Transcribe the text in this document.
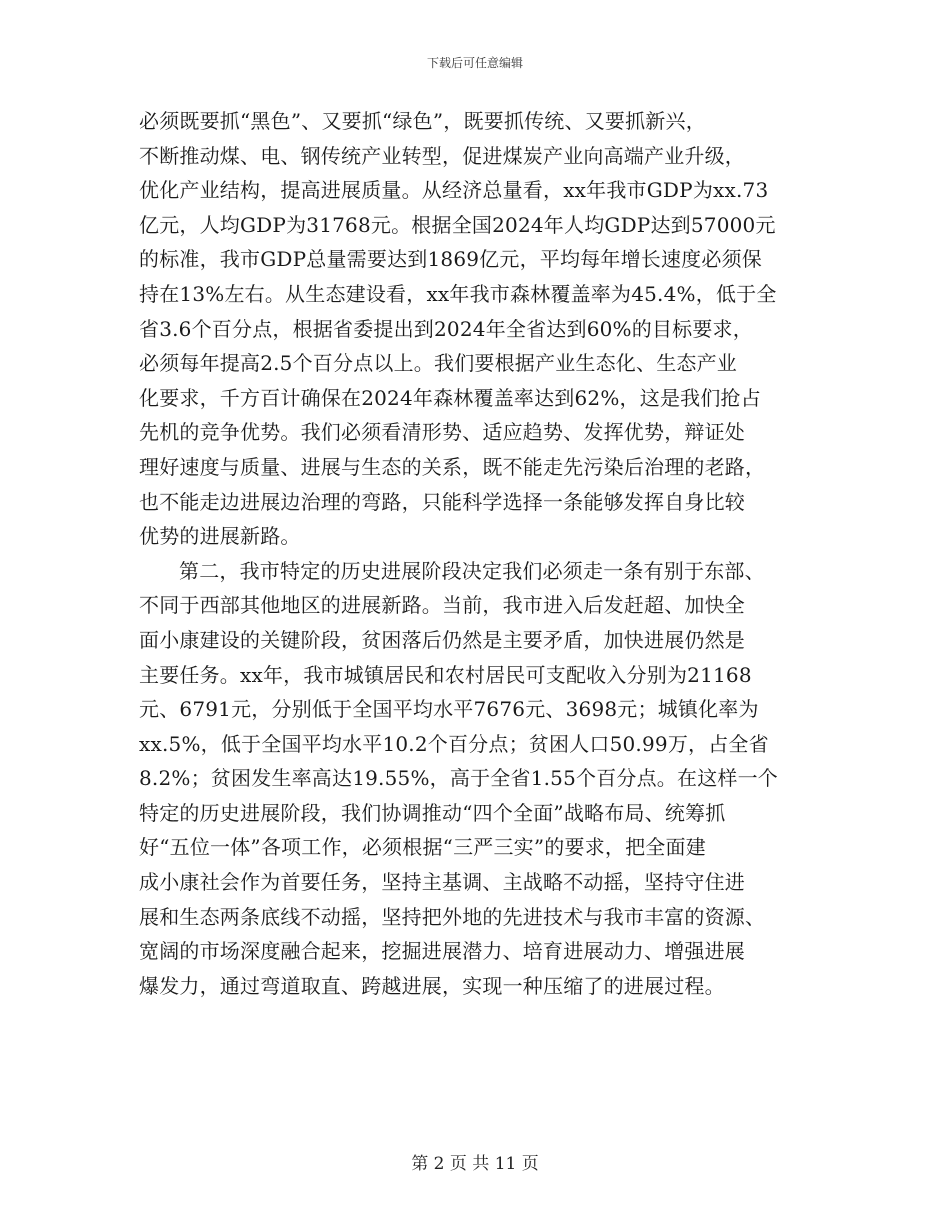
下载后可任意编辑
必须既要抓“黑色”、又要抓“绿色”，既要抓传统、又要抓新兴，
不断推动煤、电、钢传统产业转型，促进煤炭产业向高端产业升级，
优化产业结构，提高进展质量。从经济总量看，xx年我市GDP为xx.73
亿元，人均GDP为31768元。根据全国2024年人均GDP达到57000元
的标准，我市GDP总量需要达到1869亿元，平均每年增长速度必须保
持在13%左右。从生态建设看，xx年我市森林覆盖率为45.4%，低于全
省3.6个百分点，根据省委提出到2024年全省达到60%的目标要求，
必须每年提高2.5个百分点以上。我们要根据产业生态化、生态产业
化要求，千方百计确保在2024年森林覆盖率达到62%，这是我们抢占
先机的竞争优势。我们必须看清形势、适应趋势、发挥优势，辩证处
理好速度与质量、进展与生态的关系，既不能走先污染后治理的老路，
也不能走边进展边治理的弯路，只能科学选择一条能够发挥自身比较
优势的进展新路。
第二，我市特定的历史进展阶段决定我们必须走一条有别于东部、
不同于西部其他地区的进展新路。当前，我市进入后发赶超、加快全
面小康建设的关键阶段，贫困落后仍然是主要矛盾，加快进展仍然是
主要任务。xx年，我市城镇居民和农村居民可支配收入分别为21168
元、6791元，分别低于全国平均水平7676元、3698元；城镇化率为
xx.5%，低于全国平均水平10.2个百分点；贫困人口50.99万，占全省
8.2%；贫困发生率高达19.55%，高于全省1.55个百分点。在这样一个
特定的历史进展阶段，我们协调推动“四个全面”战略布局、统筹抓
好“五位一体”各项工作，必须根据“三严三实”的要求，把全面建
成小康社会作为首要任务，坚持主基调、主战略不动摇，坚持守住进
展和生态两条底线不动摇，坚持把外地的先进技术与我市丰富的资源、
宽阔的市场深度融合起来，挖掘进展潜力、培育进展动力、增强进展
爆发力，通过弯道取直、跨越进展，实现一种压缩了的进展过程。
第 2 页 共 11 页
